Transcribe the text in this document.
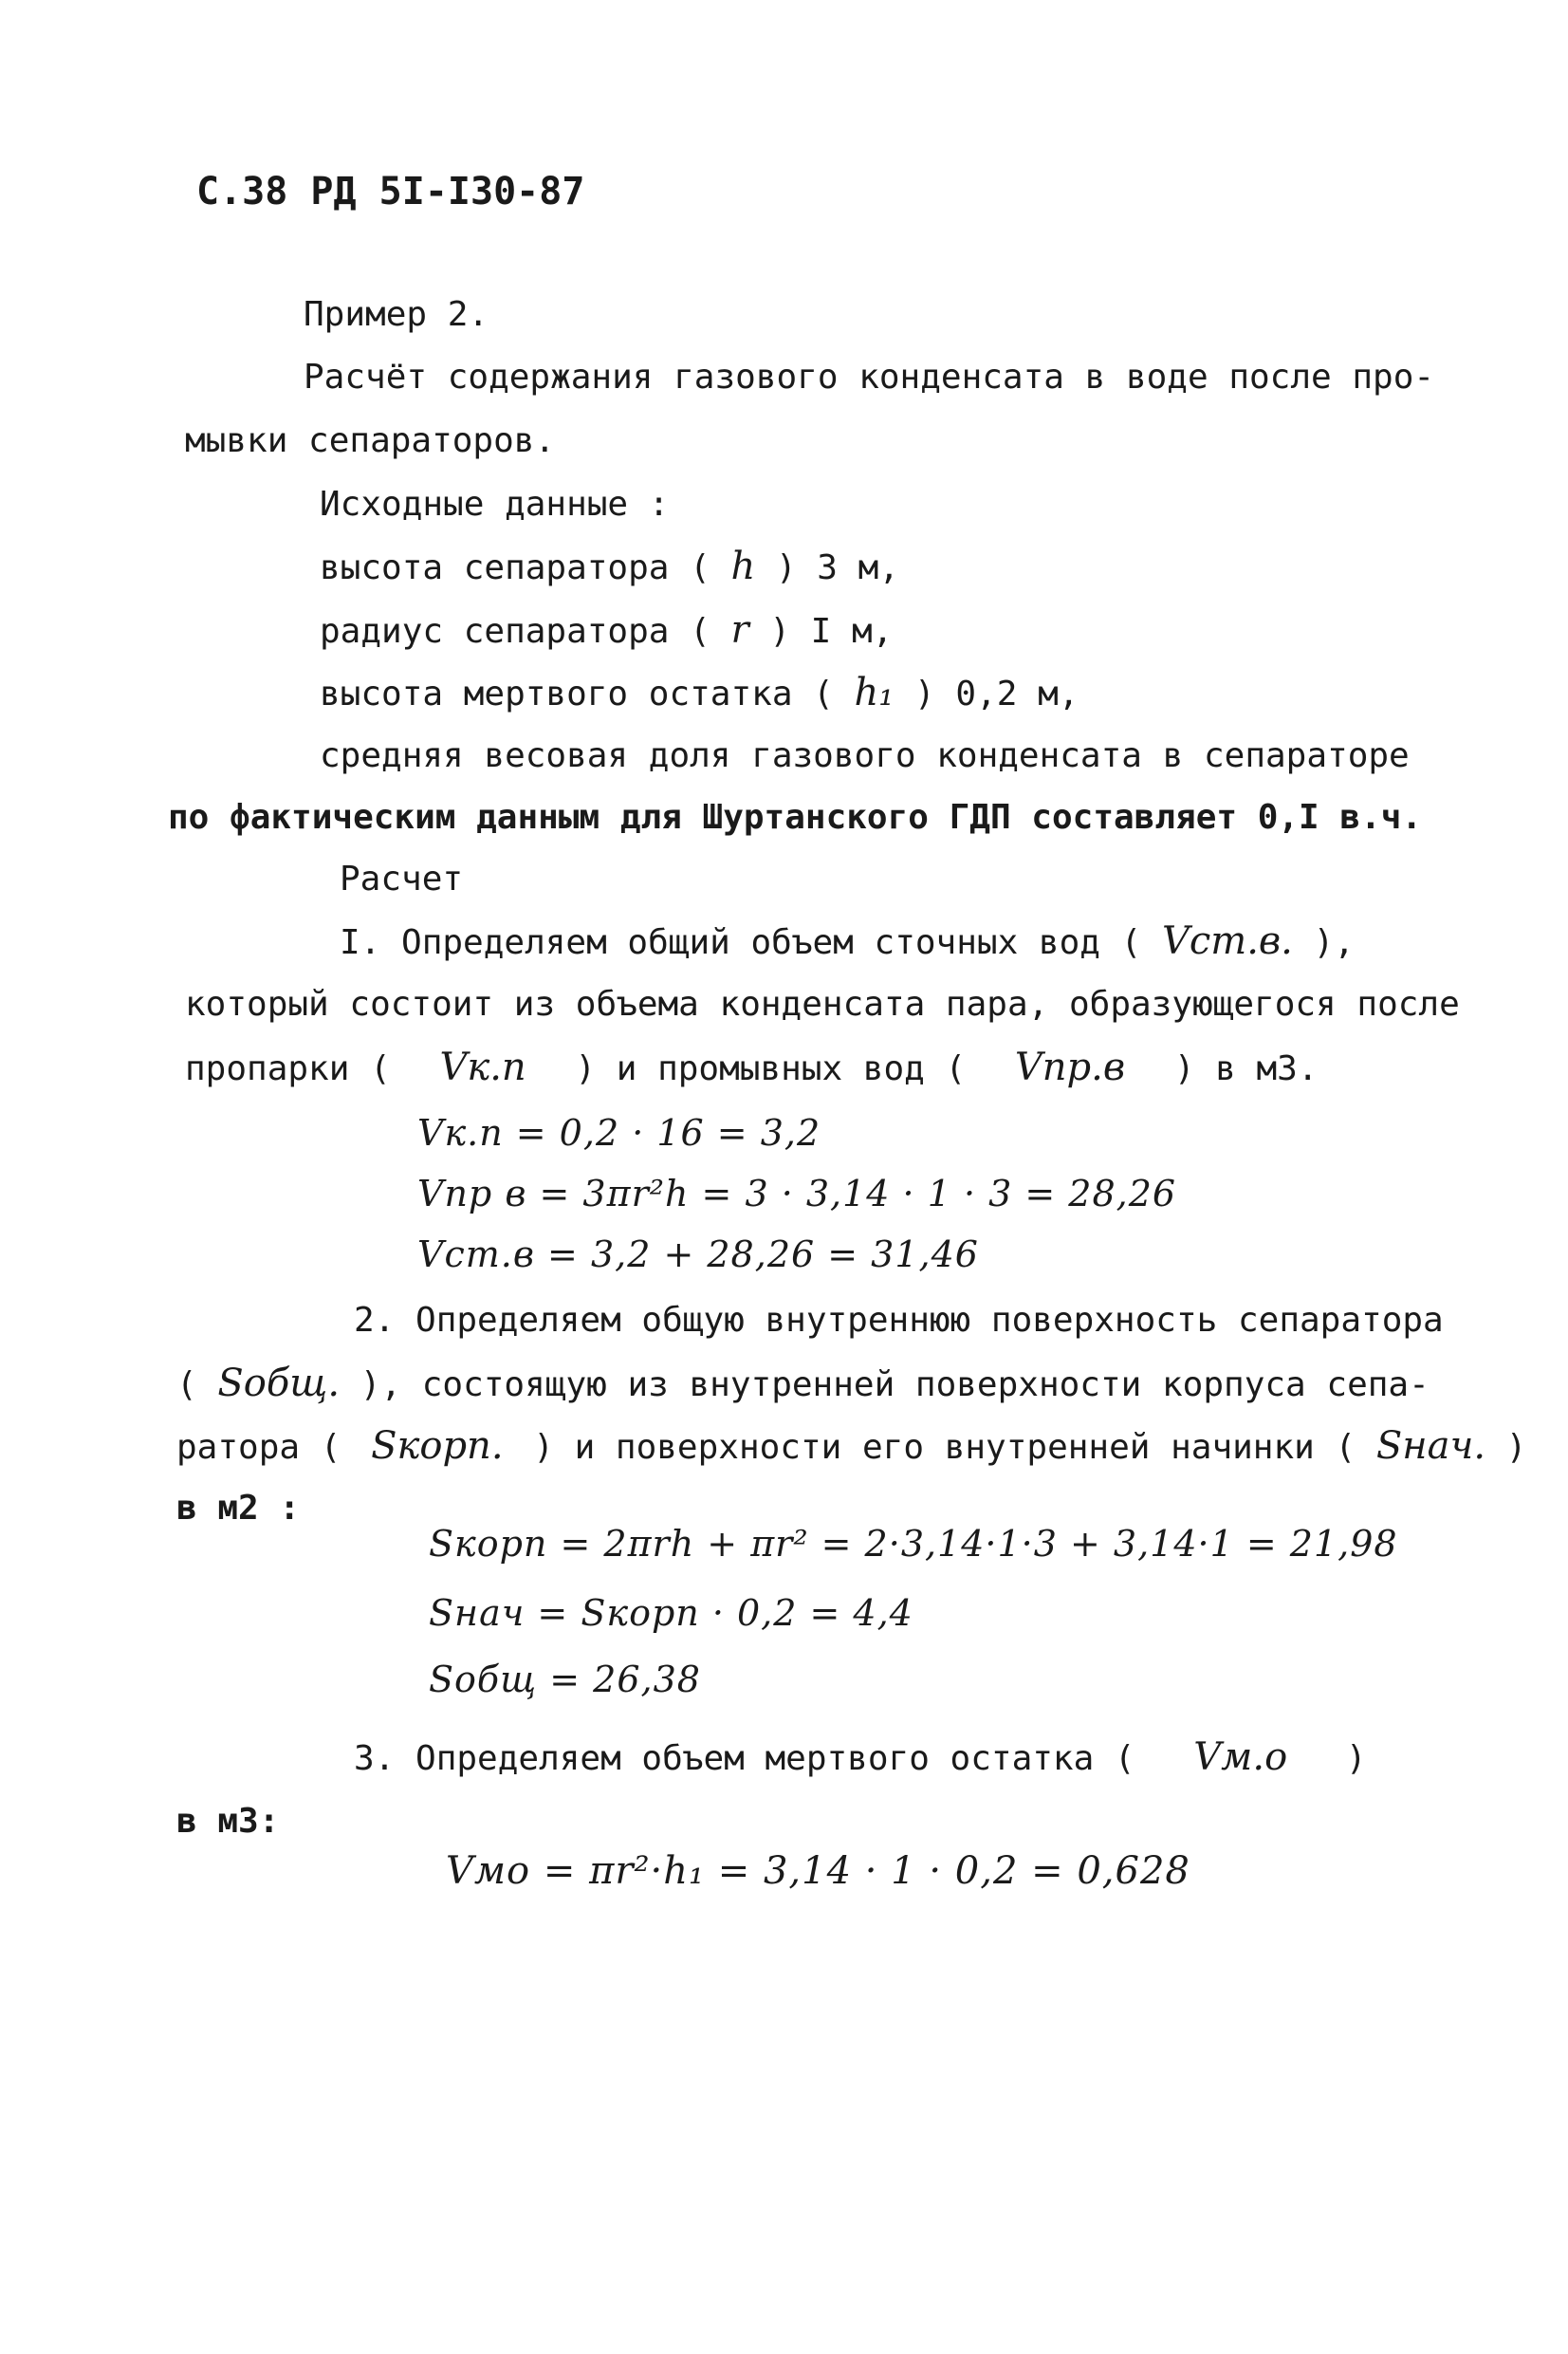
С.38 РД 5I-I30-87
Пример 2.
Расчёт содержания газового конденсата в воде после про-
мывки сепараторов.
Исходные данные :
высота сепаратора ( h ) 3 м,
радиус сепаратора ( r ) I м,
высота мертвого остатка ( h₁ ) 0,2 м,
средняя весовая доля газового конденсата в сепараторе
по фактическим данным для Шуртанского ГДП составляет 0,I в.ч.
Расчет
I. Определяем общий объем сточных вод ( Vст.в. ),
который состоит из объема конденсата пара, образующегося после
пропарки ( Vк.п ) и промывных вод ( Vпр.в ) в м3.
Vк.п = 0,2 · 16 = 3,2
Vпр в = 3πr²h = 3 · 3,14 · 1 · 3 = 28,26
Vст.в = 3,2 + 28,26 = 31,46
2. Определяем общую внутреннюю поверхность сепаратора
( Sобщ. ), состоящую из внутренней поверхности корпуса сепа-
ратора ( Sкорп. ) и поверхности его внутренней начинки ( Sнач. )
в м2 :
Sкорп = 2πrh + πr² = 2·3,14·1·3 + 3,14·1 = 21,98
Sнач = Sкорп · 0,2 = 4,4
Sобщ = 26,38
3. Определяем объем мертвого остатка ( Vм.о )
в м3:
Vмо = πr²·h₁ = 3,14 · 1 · 0,2 = 0,628
